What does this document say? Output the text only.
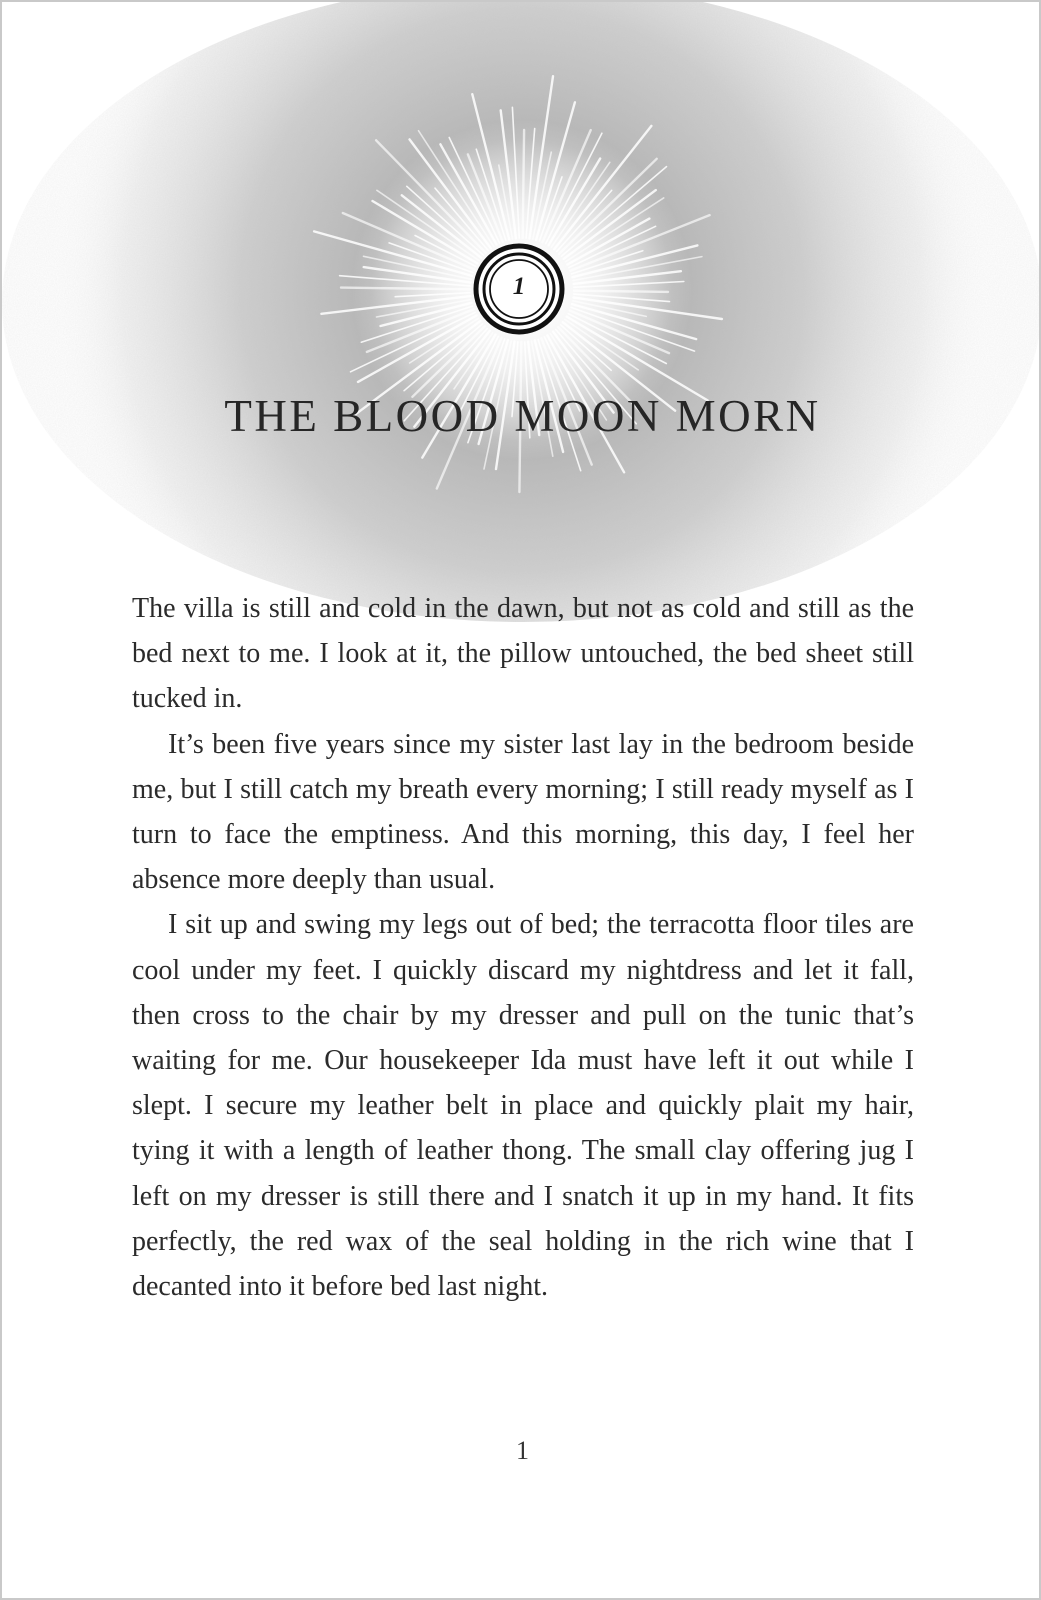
1
THE BLOOD MOON MORN

The villa is still and cold in the dawn, but not as cold and still as the bed next to me. I look at it, the pillow untouched, the bed sheet still tucked in.

It’s been five years since my sister last lay in the bedroom beside me, but I still catch my breath every morning; I still ready myself as I turn to face the emptiness. And this morning, this day, I feel her absence more deeply than usual.

I sit up and swing my legs out of bed; the terracotta floor tiles are cool under my feet. I quickly discard my nightdress and let it fall, then cross to the chair by my dresser and pull on the tunic that’s waiting for me. Our housekeeper Ida must have left it out while I slept. I secure my leather belt in place and quickly plait my hair, tying it with a length of leather thong. The small clay offering jug I left on my dresser is still there and I snatch it up in my hand. It fits perfectly, the red wax of the seal holding in the rich wine that I decanted into it before bed last night.

1
